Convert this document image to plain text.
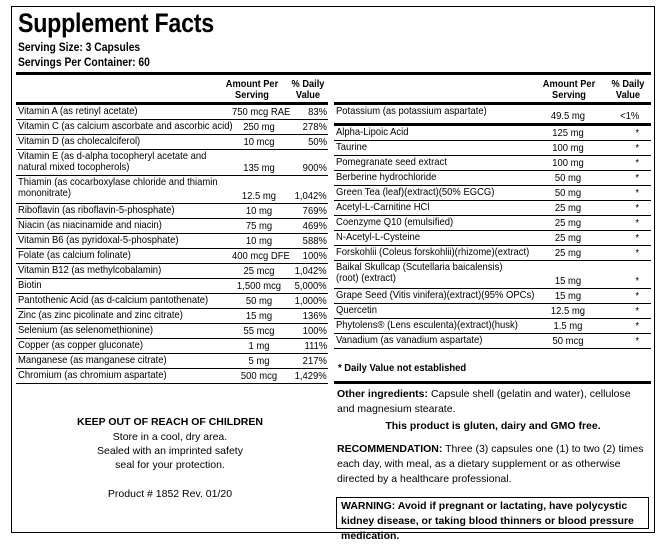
Supplement Facts
Serving Size: 3 Capsules
Servings Per Container: 60
Amount Per
Serving
% Daily
Value
Amount Per
Serving
% Daily
Value
Vitamin A (as retinyl acetate)	750 mcg RAE 83%
Vitamin C (as calcium ascorbate and ascorbic acid)	250 mg	278%
Vitamin D (as cholecalciferol)	10 mcg	50%
Vitamin E (as d-alpha tocopheryl acetate and natural mixed tocopherols)	135 mg	900%
Thiamin (as cocarboxylase chloride and thiamin mononitrate)	12.5 mg	1,042%
Riboflavin (as riboflavin-5-phosphate)	10 mg	769%
Niacin (as niacinamide and niacin)	75 mg	469%
Vitamin B6 (as pyridoxal-5-phosphate)	10 mg	588%
Folate (as calcium folinate)	400 mcg DFE 100%
Vitamin B12 (as methylcobalamin)	25 mcg	1,042%
Biotin	1,500 mcg	5,000%
Pantothenic Acid (as d-calcium pantothenate)	50 mg	1,000%
Zinc (as zinc picolinate and zinc citrate)	15 mg	136%
Selenium (as selenomethionine)	55 mcg	100%
Copper (as copper gluconate)	1 mg	111%
Manganese (as manganese citrate)	5 mg	217%
Chromium (as chromium aspartate)	500 mcg	1,429%
Potassium (as potassium aspartate)	49.5 mg	<1%
Alpha-Lipoic Acid	125 mg	*
Taurine	100 mg	*
Pomegranate seed extract	100 mg	*
Berberine hydrochloride	50 mg	*
Green Tea (leaf)(extract)(50% EGCG)	50 mg	*
Acetyl-L-Carnitine HCl	25 mg	*
Coenzyme Q10 (emulsified)	25 mg	*
N-Acetyl-L-Cysteine	25 mg	*
Forskohlii (Coleus forskohlii)(rhizome)(extract)	25 mg	*
Baikal Skullcap (Scutellaria baicalensis)(root) (extract)	15 mg	*
Grape Seed (Vitis vinifera)(extract)(95% OPCs)	15 mg	*
Quercetin	12.5 mg	*
Phytolens® (Lens esculenta)(extract)(husk)	1.5 mg	*
Vanadium (as vanadium aspartate)	50 mcg	*
* Daily Value not established
Other ingredients: Capsule shell (gelatin and water), cellulose and magnesium stearate.
This product is gluten, dairy and GMO free.
RECOMMENDATION: Three (3) capsules one (1) to two (2) times each day, with meal, as a dietary supplement or as otherwise directed by a healthcare professional.
KEEP OUT OF REACH OF CHILDREN
Store in a cool, dry area.
Sealed with an imprinted safety
seal for your protection.
Product # 1852 Rev. 01/20
WARNING: Avoid if pregnant or lactating, have polycystic kidney disease, or taking blood thinners or blood pressure medication.
